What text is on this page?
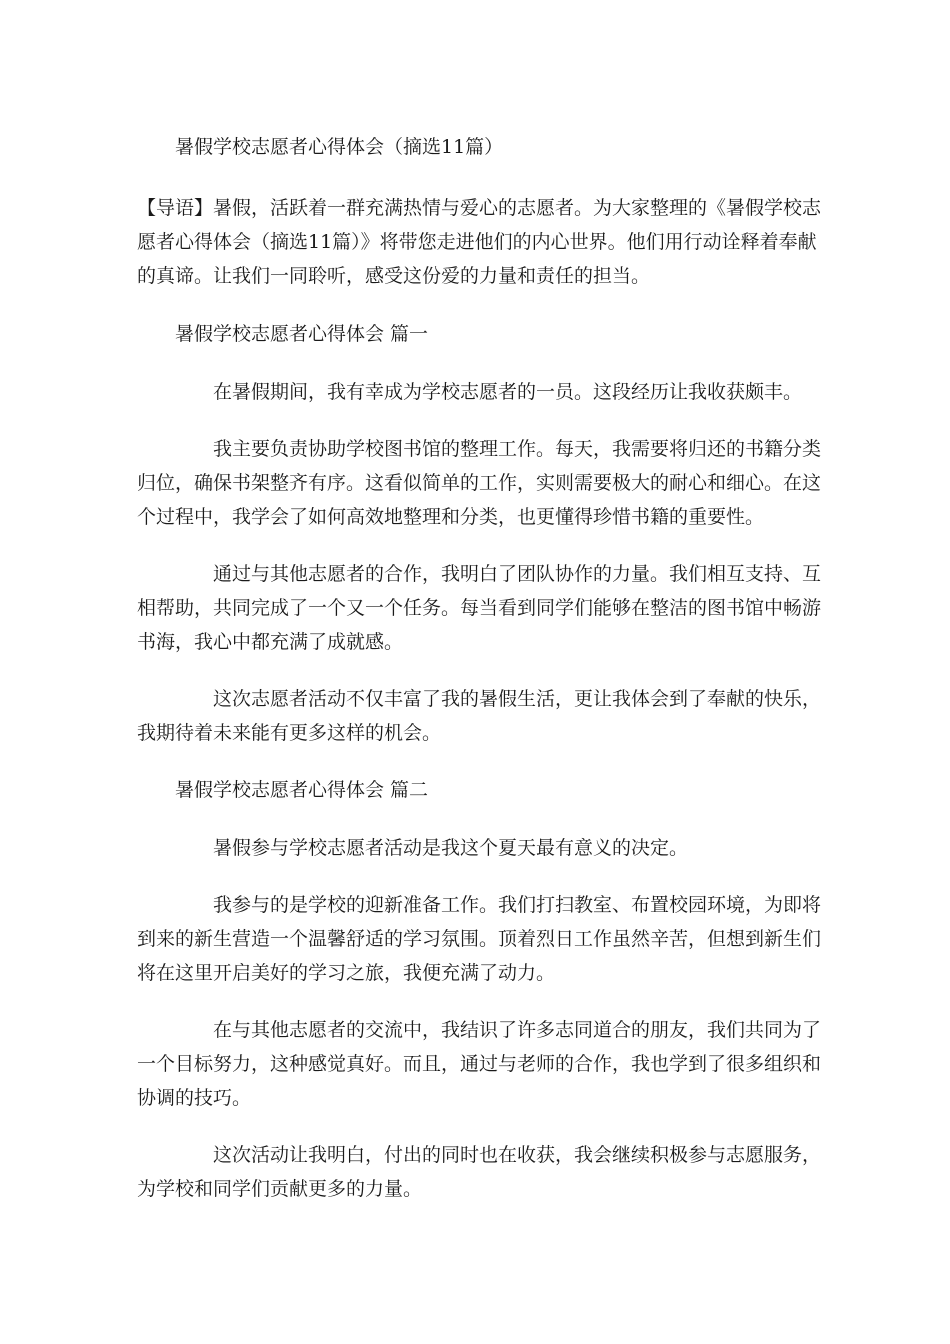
暑假学校志愿者心得体会（摘选11篇）

【导语】暑假，活跃着一群充满热情与爱心的志愿者。为大家整理的《暑假学校志愿者心得体会（摘选11篇）》将带您走进他们的内心世界。他们用行动诠释着奉献的真谛。让我们一同聆听，感受这份爱的力量和责任的担当。

暑假学校志愿者心得体会 篇一

在暑假期间，我有幸成为学校志愿者的一员。这段经历让我收获颇丰。

我主要负责协助学校图书馆的整理工作。每天，我需要将归还的书籍分类归位，确保书架整齐有序。这看似简单的工作，实则需要极大的耐心和细心。在这个过程中，我学会了如何高效地整理和分类，也更懂得珍惜书籍的重要性。

通过与其他志愿者的合作，我明白了团队协作的力量。我们相互支持、互相帮助，共同完成了一个又一个任务。每当看到同学们能够在整洁的图书馆中畅游书海，我心中都充满了成就感。

这次志愿者活动不仅丰富了我的暑假生活，更让我体会到了奉献的快乐，我期待着未来能有更多这样的机会。

暑假学校志愿者心得体会 篇二

暑假参与学校志愿者活动是我这个夏天最有意义的决定。

我参与的是学校的迎新准备工作。我们打扫教室、布置校园环境，为即将到来的新生营造一个温馨舒适的学习氛围。顶着烈日工作虽然辛苦，但想到新生们将在这里开启美好的学习之旅，我便充满了动力。

在与其他志愿者的交流中，我结识了许多志同道合的朋友，我们共同为了一个目标努力，这种感觉真好。而且，通过与老师的合作，我也学到了很多组织和协调的技巧。

这次活动让我明白，付出的同时也在收获，我会继续积极参与志愿服务，为学校和同学们贡献更多的力量。
